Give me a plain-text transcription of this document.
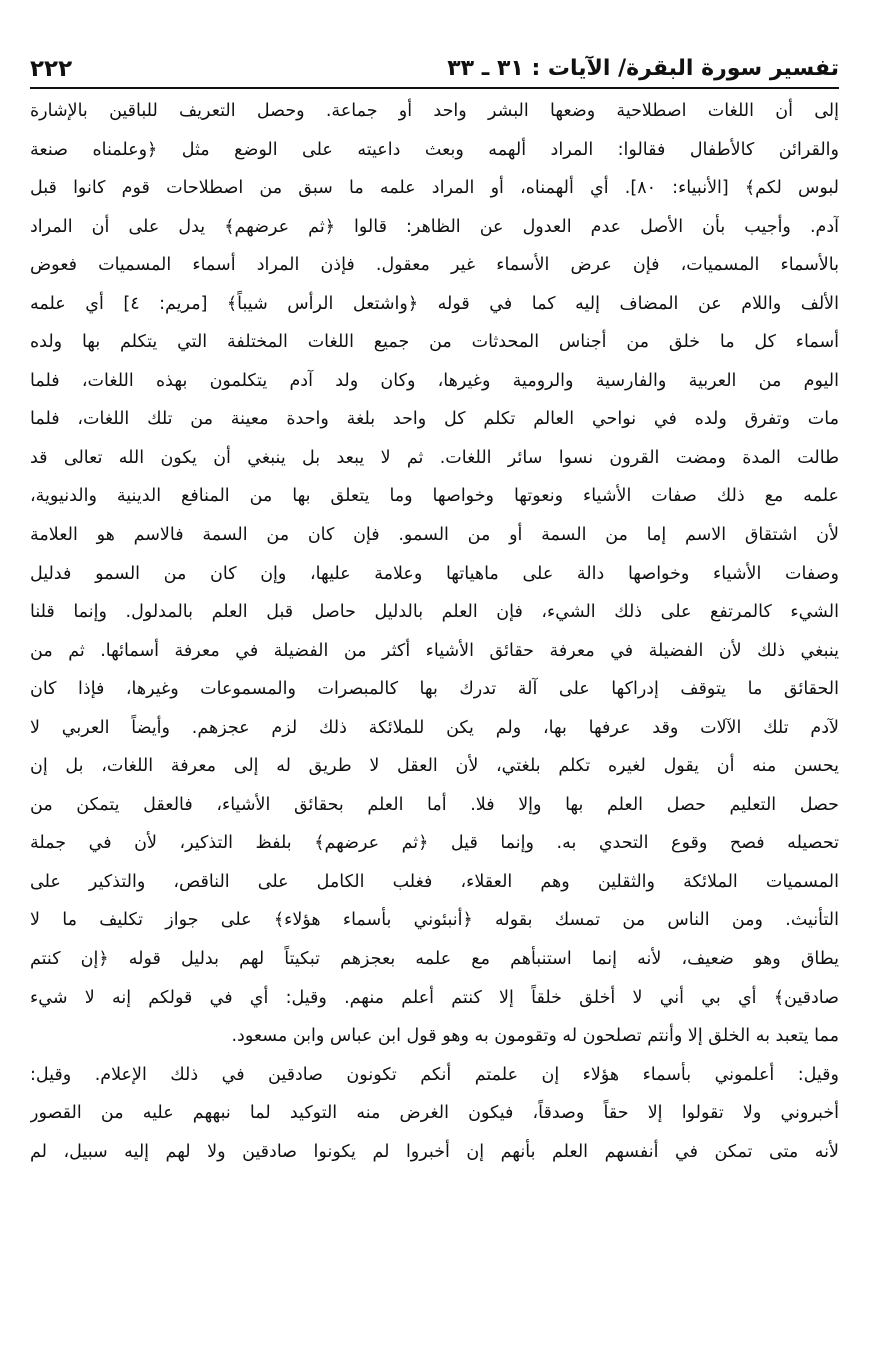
تفسير سورة البقرة/ الآيات : ٣١ ـ ٣٣
٢٢٢
إلى أن اللغات اصطلاحية وضعها البشر واحد أو جماعة. وحصل التعريف للباقين بالإشارة
والقرائن كالأطفال فقالوا: المراد ألهمه وبعث داعيته على الوضع مثل ﴿وعلمناه صنعة
لبوس لكم﴾ [الأنبياء: ٨٠]. أي ألهمناه، أو المراد علمه ما سبق من اصطلاحات قوم كانوا قبل
آدم. وأجيب بأن الأصل عدم العدول عن الظاهر: قالوا ﴿ثم عرضهم﴾ يدل على أن المراد
بالأسماء المسميات، فإن عرض الأسماء غير معقول. فإذن المراد أسماء المسميات فعوض
الألف واللام عن المضاف إليه كما في قوله ﴿واشتعل الرأس شيباً﴾ [مريم: ٤] أي علمه
أسماء كل ما خلق من أجناس المحدثات من جميع اللغات المختلفة التي يتكلم بها ولده
اليوم من العربية والفارسية والرومية وغيرها، وكان ولد آدم يتكلمون بهذه اللغات، فلما
مات وتفرق ولده في نواحي العالم تكلم كل واحد بلغة واحدة معينة من تلك اللغات، فلما
طالت المدة ومضت القرون نسوا سائر اللغات. ثم لا يبعد بل ينبغي أن يكون الله تعالى قد
علمه مع ذلك صفات الأشياء ونعوتها وخواصها وما يتعلق بها من المنافع الدينية والدنيوية،
لأن اشتقاق الاسم إما من السمة أو من السمو. فإن كان من السمة فالاسم هو العلامة
وصفات الأشياء وخواصها دالة على ماهياتها وعلامة عليها، وإن كان من السمو فدليل
الشيء كالمرتفع على ذلك الشيء، فإن العلم بالدليل حاصل قبل العلم بالمدلول. وإنما قلنا
ينبغي ذلك لأن الفضيلة في معرفة حقائق الأشياء أكثر من الفضيلة في معرفة أسمائها. ثم من
الحقائق ما يتوقف إدراكها على آلة تدرك بها كالمبصرات والمسموعات وغيرها، فإذا كان
لآدم تلك الآلات وقد عرفها بها، ولم يكن للملائكة ذلك لزم عجزهم. وأيضاً العربي لا
يحسن منه أن يقول لغيره تكلم بلغتي، لأن العقل لا طريق له إلى معرفة اللغات، بل إن
حصل التعليم حصل العلم بها وإلا فلا. أما العلم بحقائق الأشياء، فالعقل يتمكن من
تحصيله فصح وقوع التحدي به. وإنما قيل ﴿ثم عرضهم﴾ بلفظ التذكير، لأن في جملة
المسميات الملائكة والثقلين وهم العقلاء، فغلب الكامل على الناقص، والتذكير على
التأنيث. ومن الناس من تمسك بقوله ﴿أنبئوني بأسماء هؤلاء﴾ على جواز تكليف ما لا
يطاق وهو ضعيف، لأنه إنما استنبأهم مع علمه بعجزهم تبكيتاً لهم بدليل قوله ﴿إن كنتم
صادقين﴾ أي بي أني لا أخلق خلقاً إلا كنتم أعلم منهم. وقيل: أي في قولكم إنه لا شيء
مما يتعبد به الخلق إلا وأنتم تصلحون له وتقومون به وهو قول ابن عباس وابن مسعود.
وقيل: أعلموني بأسماء هؤلاء إن علمتم أنكم تكونون صادقين في ذلك الإعلام. وقيل:
أخبروني ولا تقولوا إلا حقاً وصدقاً، فيكون الغرض منه التوكيد لما نبههم عليه من القصور
لأنه متى تمكن في أنفسهم العلم بأنهم إن أخبروا لم يكونوا صادقين ولا لهم إليه سبيل، لم
